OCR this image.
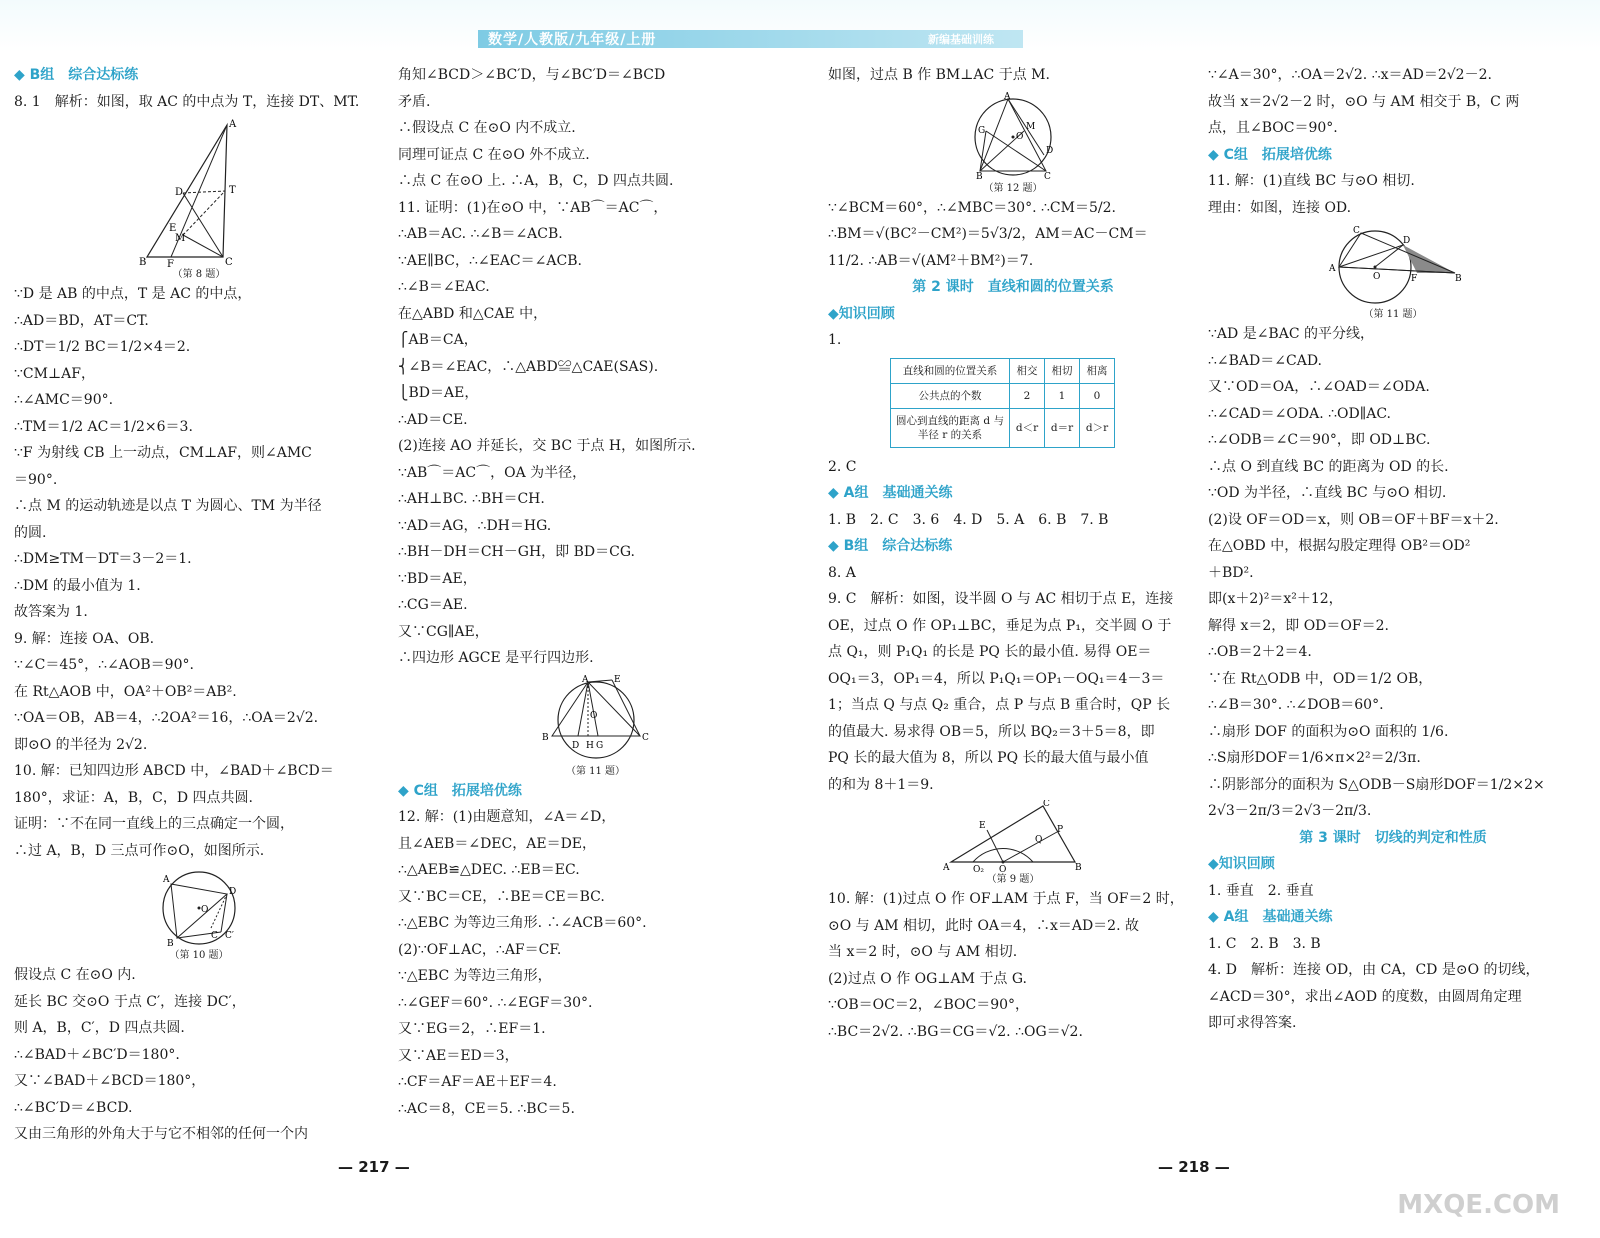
数学/人教版/九年级/上册	新编基础训练

◆ B组　综合达标练

8. 1　解析：如图，取 AC 的中点为 T，连接 DT、MT.

A
D	T
E
M
B F	C

（第 8 题）

∵D 是 AB 的中点，T 是 AC 的中点，

∴AD＝BD，AT＝CT.

∴DT＝1/2 BC＝1/2×4＝2.

∵CM⊥AF，

∴∠AMC＝90°.

∴TM＝1/2 AC＝1/2×6＝3.

∵F 为射线 CB 上一动点，CM⊥AF，则∠AMC

＝90°.

∴点 M 的运动轨迹是以点 T 为圆心、TM 为半径

的圆.

∴DM≥TM－DT＝3－2＝1.

∴DM 的最小值为 1.

故答案为 1.

9. 解：连接 OA、OB.

∵∠C＝45°，∴∠AOB＝90°.

在 Rt△AOB 中，OA²＋OB²＝AB².

∵OA＝OB，AB＝4，∴2OA²＝16，∴OA＝2√2.

即⊙O 的半径为 2√2.

10. 解：已知四边形 ABCD 中，∠BAD＋∠BCD＝

180°，求证：A，B，C，D 四点共圆.

证明：∵不在同一直线上的三点确定一个圆，

∴过 A，B，D 三点可作⊙O，如图所示.

A
O
D
B
C C′

（第 10 题）

假设点 C 在⊙O 内.

延长 BC 交⊙O 于点 C′，连接 DC′，

则 A，B，C′，D 四点共圆.

∴∠BAD＋∠BC′D＝180°.

又∵∠BAD＋∠BCD＝180°，

∴∠BC′D＝∠BCD.

又由三角形的外角大于与它不相邻的任何一个内

角知∠BCD＞∠BC′D，与∠BC′D＝∠BCD

矛盾.

∴假设点 C 在⊙O 内不成立.

同理可证点 C 在⊙O 外不成立.

∴点 C 在⊙O 上. ∴A，B，C，D 四点共圆.

11. 证明：(1)在⊙O 中，∵AB⌒＝AC⌒，

∴AB＝AC. ∴∠B＝∠ACB.

∵AE∥BC，∴∠EAC＝∠ACB.

∴∠B＝∠EAC.

在△ABD 和△CAE 中，

⎧AB＝CA，

⎨∠B＝∠EAC，∴△ABD≌△CAE(SAS).

⎩BD＝AE，

∴AD＝CE.

(2)连接 AO 并延长，交 BC 于点 H，如图所示.

∵AB⌒＝AC⌒，OA 为半径，

∴AH⊥BC. ∴BH＝CH.

∵AD＝AG，∴DH＝HG.

∴BH－DH＝CH－GH，即 BD＝CG.

∵BD＝AE，

∴CG＝AE.

又∵CG∥AE，

∴四边形 AGCE 是平行四边形.

A	E
O
B	C
D H G

（第 11 题）

◆ C组　拓展培优练

12. 解：(1)由题意知，∠A＝∠D，

且∠AEB＝∠DEC，AE＝DE，

∴△AEB≌△DEC. ∴EB＝EC.

又∵BC＝CE，∴BE＝CE＝BC.

∴△EBC 为等边三角形. ∴∠ACB＝60°.

(2)∵OF⊥AC，∴AF＝CF.

∵△EBC 为等边三角形，

∴∠GEF＝60°. ∴∠EGF＝30°.

又∵EG＝2，∴EF＝1.

又∵AE＝ED＝3，

∴CF＝AF＝AE＋EF＝4.

∴AC＝8，CE＝5. ∴BC＝5.

如图，过点 B 作 BM⊥AC 于点 M.

A
O
B	C
D
G	M

（第 12 题）

∵∠BCM＝60°，∴∠MBC＝30°. ∴CM＝5/2.

∴BM＝√(BC²－CM²)＝5√3/2，AM＝AC－CM＝

11/2. ∴AB＝√(AM²＋BM²)＝7.

第 2 课时　直线和圆的位置关系

◆知识回顾

1.

直线和圆的位置关系	相交	相切	相离
公共点的个数	2	1	0
圆心到直线的距离 d 与半径 r 的关系	d＜r	d＝r	d＞r

2. C

◆ A组　基础通关练

1. B　2. C　3. 6　4. D　5. A　6. B　7. B

◆ B组　综合达标练

8. A

9. C　解析：如图，设半圆 O 与 AC 相切于点 E，连接

OE，过点 O 作 OP₁⊥BC，垂足为点 P₁，交半圆 O 于

点 Q₁，则 P₁Q₁ 的长是 PQ 长的最小值. 易得 OE＝

OQ₁＝3，OP₁＝4，所以 P₁Q₁＝OP₁－OQ₁＝4－3＝

1；当点 Q 与点 Q₂ 重合，点 P 与点 B 重合时，QP 长

的值最大. 易求得 OB＝5，所以 BQ₂＝3＋5＝8，即

PQ 长的最大值为 8，所以 PQ 长的最大值与最小值

的和为 8＋1＝9.

A	B
C
E
O
Q₂
P
Q

（第 9 题）

10. 解：(1)过点 O 作 OF⊥AM 于点 F，当 OF＝2 时，

⊙O 与 AM 相切，此时 OA＝4，∴x＝AD＝2. 故

当 x＝2 时，⊙O 与 AM 相切.

(2)过点 O 作 OG⊥AM 于点 G.

∵OB＝OC＝2，∠BOC＝90°，

∴BC＝2√2. ∴BG＝CG＝√2. ∴OG＝√2.

∵∠A＝30°，∴OA＝2√2. ∴x＝AD＝2√2－2.

故当 x＝2√2－2 时，⊙O 与 AM 相交于 B，C 两

点，且∠BOC＝90°.

◆ C组　拓展培优练

11. 解：(1)直线 BC 与⊙O 相切.

理由：如图，连接 OD.

A
C
D
O	F	B

（第 11 题）

∵AD 是∠BAC 的平分线，

∴∠BAD＝∠CAD.

又∵OD＝OA，∴∠OAD＝∠ODA.

∴∠CAD＝∠ODA. ∴OD∥AC.

∴∠ODB＝∠C＝90°，即 OD⊥BC.

∴点 O 到直线 BC 的距离为 OD 的长.

∵OD 为半径，∴直线 BC 与⊙O 相切.

(2)设 OF＝OD＝x，则 OB＝OF＋BF＝x＋2.

在△OBD 中，根据勾股定理得 OB²＝OD²

＋BD².

即(x＋2)²＝x²＋12，

解得 x＝2，即 OD＝OF＝2.

∴OB＝2＋2＝4.

∵在 Rt△ODB 中，OD＝1/2 OB，

∴∠B＝30°. ∴∠DOB＝60°.

∴扇形 DOF 的面积为⊙O 面积的 1/6.

∴S扇形DOF＝1/6×π×2²＝2/3π.

∴阴影部分的面积为 S△ODB－S扇形DOF＝1/2×2×

2√3－2π/3＝2√3－2π/3.

第 3 课时　切线的判定和性质

◆知识回顾

1. 垂直　2. 垂直

◆ A组　基础通关练

1. C　2. B　3. B

4. D　解析：连接 OD，由 CA，CD 是⊙O 的切线，

∠ACD＝30°，求出∠AOD 的度数，由圆周角定理

即可求得答案.

— 217 —	— 218 —
MXQE.COM
